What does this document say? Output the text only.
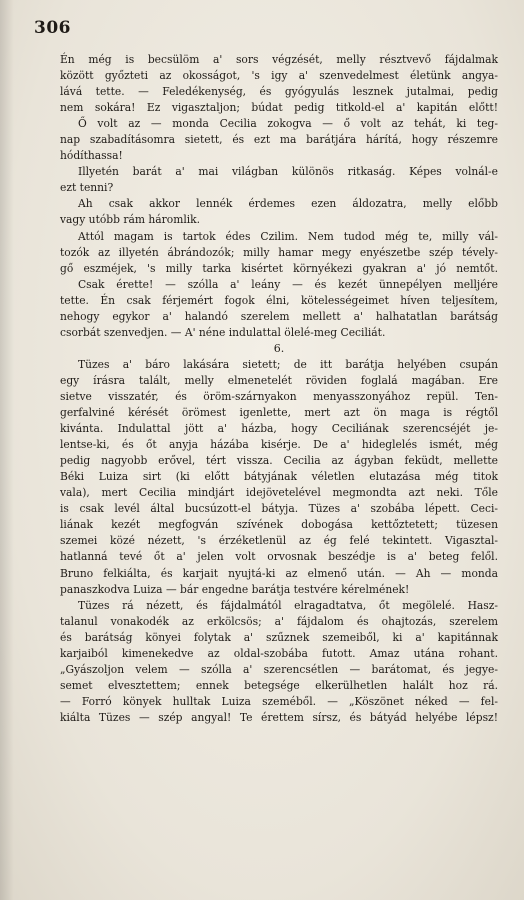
306
Én még is becsülöm a' sors végzését, melly résztvevő fájdalmak
között győzteti az okosságot, 's igy a' szenvedelmest életünk angya-
lává tette. — Feledékenység, és gyógyulás lesznek jutalmai, pedig
nem sokára! Ez vigasztaljon; búdat pedig titkold-el a' kapitán előtt!
Ő volt az — monda Cecilia zokogva — ő volt az tehát, ki teg-
nap szabadításomra sietett, és ezt ma barátjára hárítá, hogy részemre
hódíthassa!
Illyetén barát a' mai világban különös ritkaság. Képes volnál-e
ezt tenni?
Ah csak akkor lennék érdemes ezen áldozatra, melly előbb
vagy utóbb rám háromlik.
Attól magam is tartok édes Czilim. Nem tudod még te, milly vál-
tozók az illyetén ábrándozók; milly hamar megy enyészetbe szép tévely-
gő eszméjek, 's milly tarka kisértet környékezi gyakran a' jó nemtőt.
Csak érette! — szólla a' leány — és kezét ünnepélyen melljére
tette. Én csak férjemért fogok élni, kötelességeimet híven teljesítem,
nehogy egykor a' halandó szerelem mellett a' halhatatlan barátság
csorbát szenvedjen. — A' néne indulattal ölelé-meg Ceciliát.
6.
Tüzes a' báro lakására sietett; de itt barátja helyében csupán
egy írásra talált, melly elmenetelét röviden foglalá magában. Ere
sietve visszatér, és öröm-szárnyakon menyasszonyához repül. Ten-
gerfalviné kérését örömest igenlette, mert azt ön maga is régtől
kivánta. Indulattal jött a' házba, hogy Ceciliának szerencséjét je-
lentse-ki, és őt anyja házába kisérje. De a' hideglelés ismét, még
pedig nagyobb erővel, tért vissza. Cecilia az ágyban feküdt, mellette
Béki Luiza sirt (ki előtt bátyjának véletlen elutazása még titok
vala), mert Cecilia mindjárt idejövetelével megmondta azt neki. Tőle
is csak levél által bucsúzott-el bátyja. Tüzes a' szobába lépett. Ceci-
liának kezét megfogván szívének dobogása kettőztetett; tüzesen
szemei közé nézett, 's érzéketlenül az ég felé tekintett. Vigasztal-
hatlanná tevé őt a' jelen volt orvosnak beszédje is a' beteg felől.
Bruno felkiálta, és karjait nyujtá-ki az elmenő után. — Ah — monda
panaszkodva Luiza — bár engedne barátja testvére kérelmének!
Tüzes rá nézett, és fájdalmától elragadtatva, őt megölelé. Hasz-
talanul vonakodék az erkölcsös; a' fájdalom és ohajtozás, szerelem
és barátság könyei folytak a' szűznek szemeiből, ki a' kapitánnak
karjaiból kimenekedve az oldal-szobába futott. Amaz utána rohant.
„Gyászoljon velem — szólla a' szerencsétlen — barátomat, és jegye-
semet elvesztettem; ennek betegsége elkerülhetlen halált hoz rá.
— Forró könyek hulltak Luiza szeméből. — „Köszönet néked — fel-
kiálta Tüzes — szép angyal! Te érettem sírsz, és bátyád helyébe lépsz!
